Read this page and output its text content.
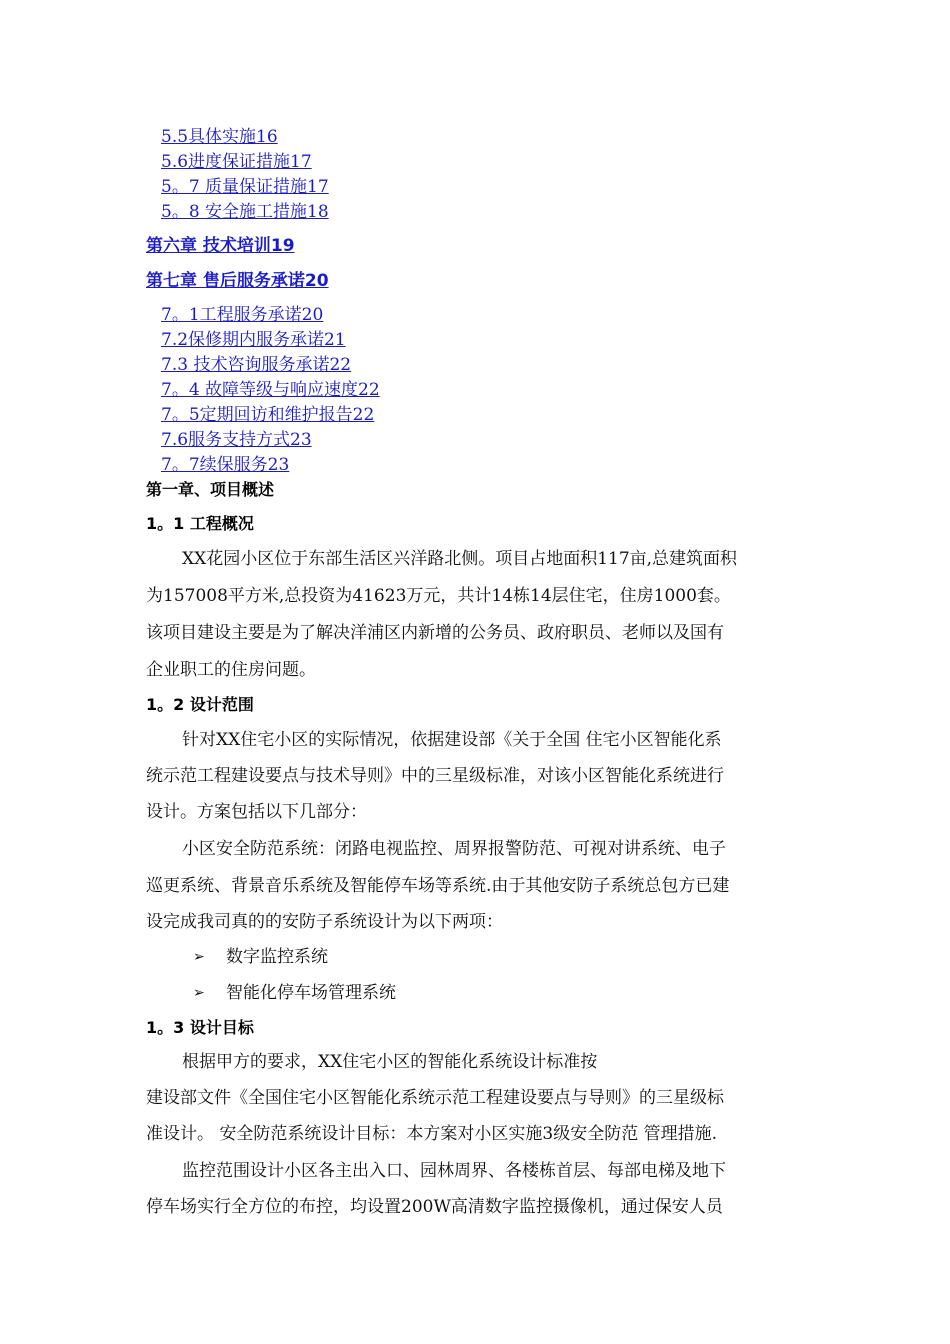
5.5具体实施16
5.6进度保证措施17
5。7 质量保证措施17
5。8 安全施工措施18
第六章 技术培训19
第七章 售后服务承诺20
7。1工程服务承诺20
7.2保修期内服务承诺21
7.3 技术咨询服务承诺22
7。4 故障等级与响应速度22
7。5定期回访和维护报告22
7.6服务支持方式23
7。7续保服务23
第一章、项目概述
1。1 工程概况
XX花园小区位于东部生活区兴洋路北侧。项目占地面积117亩,总建筑面积
为157008平方米,总投资为41623万元，共计14栋14层住宅，住房1000套。
该项目建设主要是为了解决洋浦区内新增的公务员、政府职员、老师以及国有
企业职工的住房问题。
1。2 设计范围
针对XX住宅小区的实际情况，依据建设部《关于全国 住宅小区智能化系
统示范工程建设要点与技术导则》中的三星级标准，对该小区智能化系统进行
设计。方案包括以下几部分：
小区安全防范系统：闭路电视监控、周界报警防范、可视对讲系统、电子
巡更系统、背景音乐系统及智能停车场等系统.由于其他安防子系统总包方已建
设完成我司真的的安防子系统设计为以下两项：
➢ 数字监控系统
➢ 智能化停车场管理系统
1。3 设计目标
根据甲方的要求，XX住宅小区的智能化系统设计标准按
建设部文件《全国住宅小区智能化系统示范工程建设要点与导则》的三星级标
准设计。 安全防范系统设计目标：本方案对小区实施3级安全防范 管理措施.
监控范围设计小区各主出入口、园林周界、各楼栋首层、每部电梯及地下
停车场实行全方位的布控，均设置200W高清数字监控摄像机，通过保安人员
